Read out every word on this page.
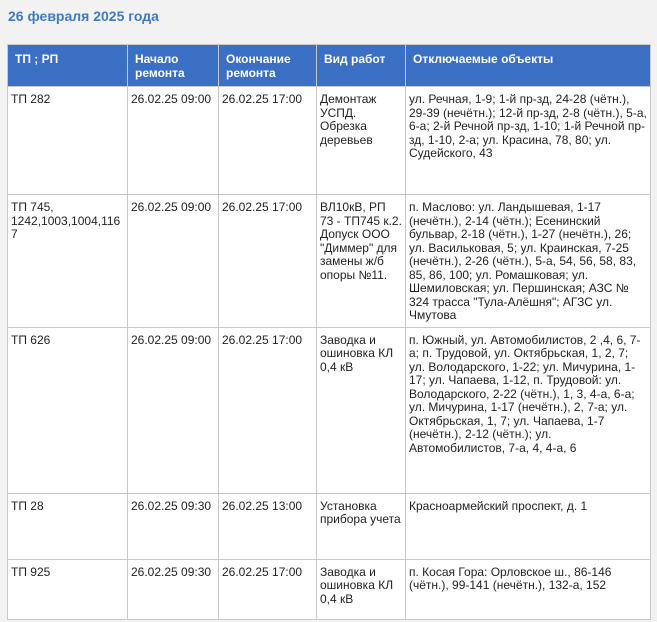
26 февраля 2025 года
ТП ; РП	Начало ремонта	Окончание ремонта	Вид работ	Отключаемые объекты
ТП 282	26.02.25 09:00	26.02.25 17:00	Демонтаж УСПД. Обрезка деревьев	ул. Речная, 1-9; 1-й пр-зд, 24-28 (чётн.), 29-39 (нечётн.); 12-й пр-зд, 2-8 (чётн.), 5-а, 6-а; 2-й Речной пр-зд, 1-10; 1-й Речной пр-зд, 1-10, 2-а; ул. Красина, 78, 80; ул. Судейского, 43
ТП 745, 1242,1003,1004,1167	26.02.25 09:00	26.02.25 17:00	ВЛ10кВ, РП 73 - ТП745 к.2. Допуск ООО "Диммер" для замены ж/б опоры №11.	п. Маслово: ул. Ландышевая, 1-17 (нечётн.), 2-14 (чётн.); Есенинский бульвар, 2-18 (чётн.), 1-27 (нечётн.), 26; ул. Васильковая, 5; ул. Краинская, 7-25 (нечётн.), 2-26 (чётн.), 5-а, 54, 56, 58, 83, 85, 86, 100; ул. Ромашковая; ул. Шемиловская; ул. Першинская; АЗС № 324 трасса "Тула-Алёшня"; АГЗС ул. Чмутова
ТП 626	26.02.25 09:00	26.02.25 17:00	Заводка и ошиновка КЛ 0,4 кВ	п. Южный, ул. Автомобилистов, 2 ,4, 6, 7-а; п. Трудовой, ул. Октябрьская, 1, 2, 7; ул. Володарского, 1-22; ул. Мичурина, 1-17; ул. Чапаева, 1-12, п. Трудовой: ул. Володарского, 2-22 (чётн.), 1, 3, 4-а, 6-а; ул. Мичурина, 1-17 (нечётн.), 2, 7-а; ул. Октябрьская, 1, 7; ул. Чапаева, 1-7 (нечётн.), 2-12 (чётн.); ул. Автомобилистов, 7-а, 4, 4-а, 6
ТП 28	26.02.25 09:30	26.02.25 13:00	Установка прибора учета	Красноармейский проспект, д. 1
ТП 925	26.02.25 09:30	26.02.25 17:00	Заводка и ошиновка КЛ 0,4 кВ	п. Косая Гора: Орловское ш., 86-146 (чётн.), 99-141 (нечётн.), 132-а, 152
